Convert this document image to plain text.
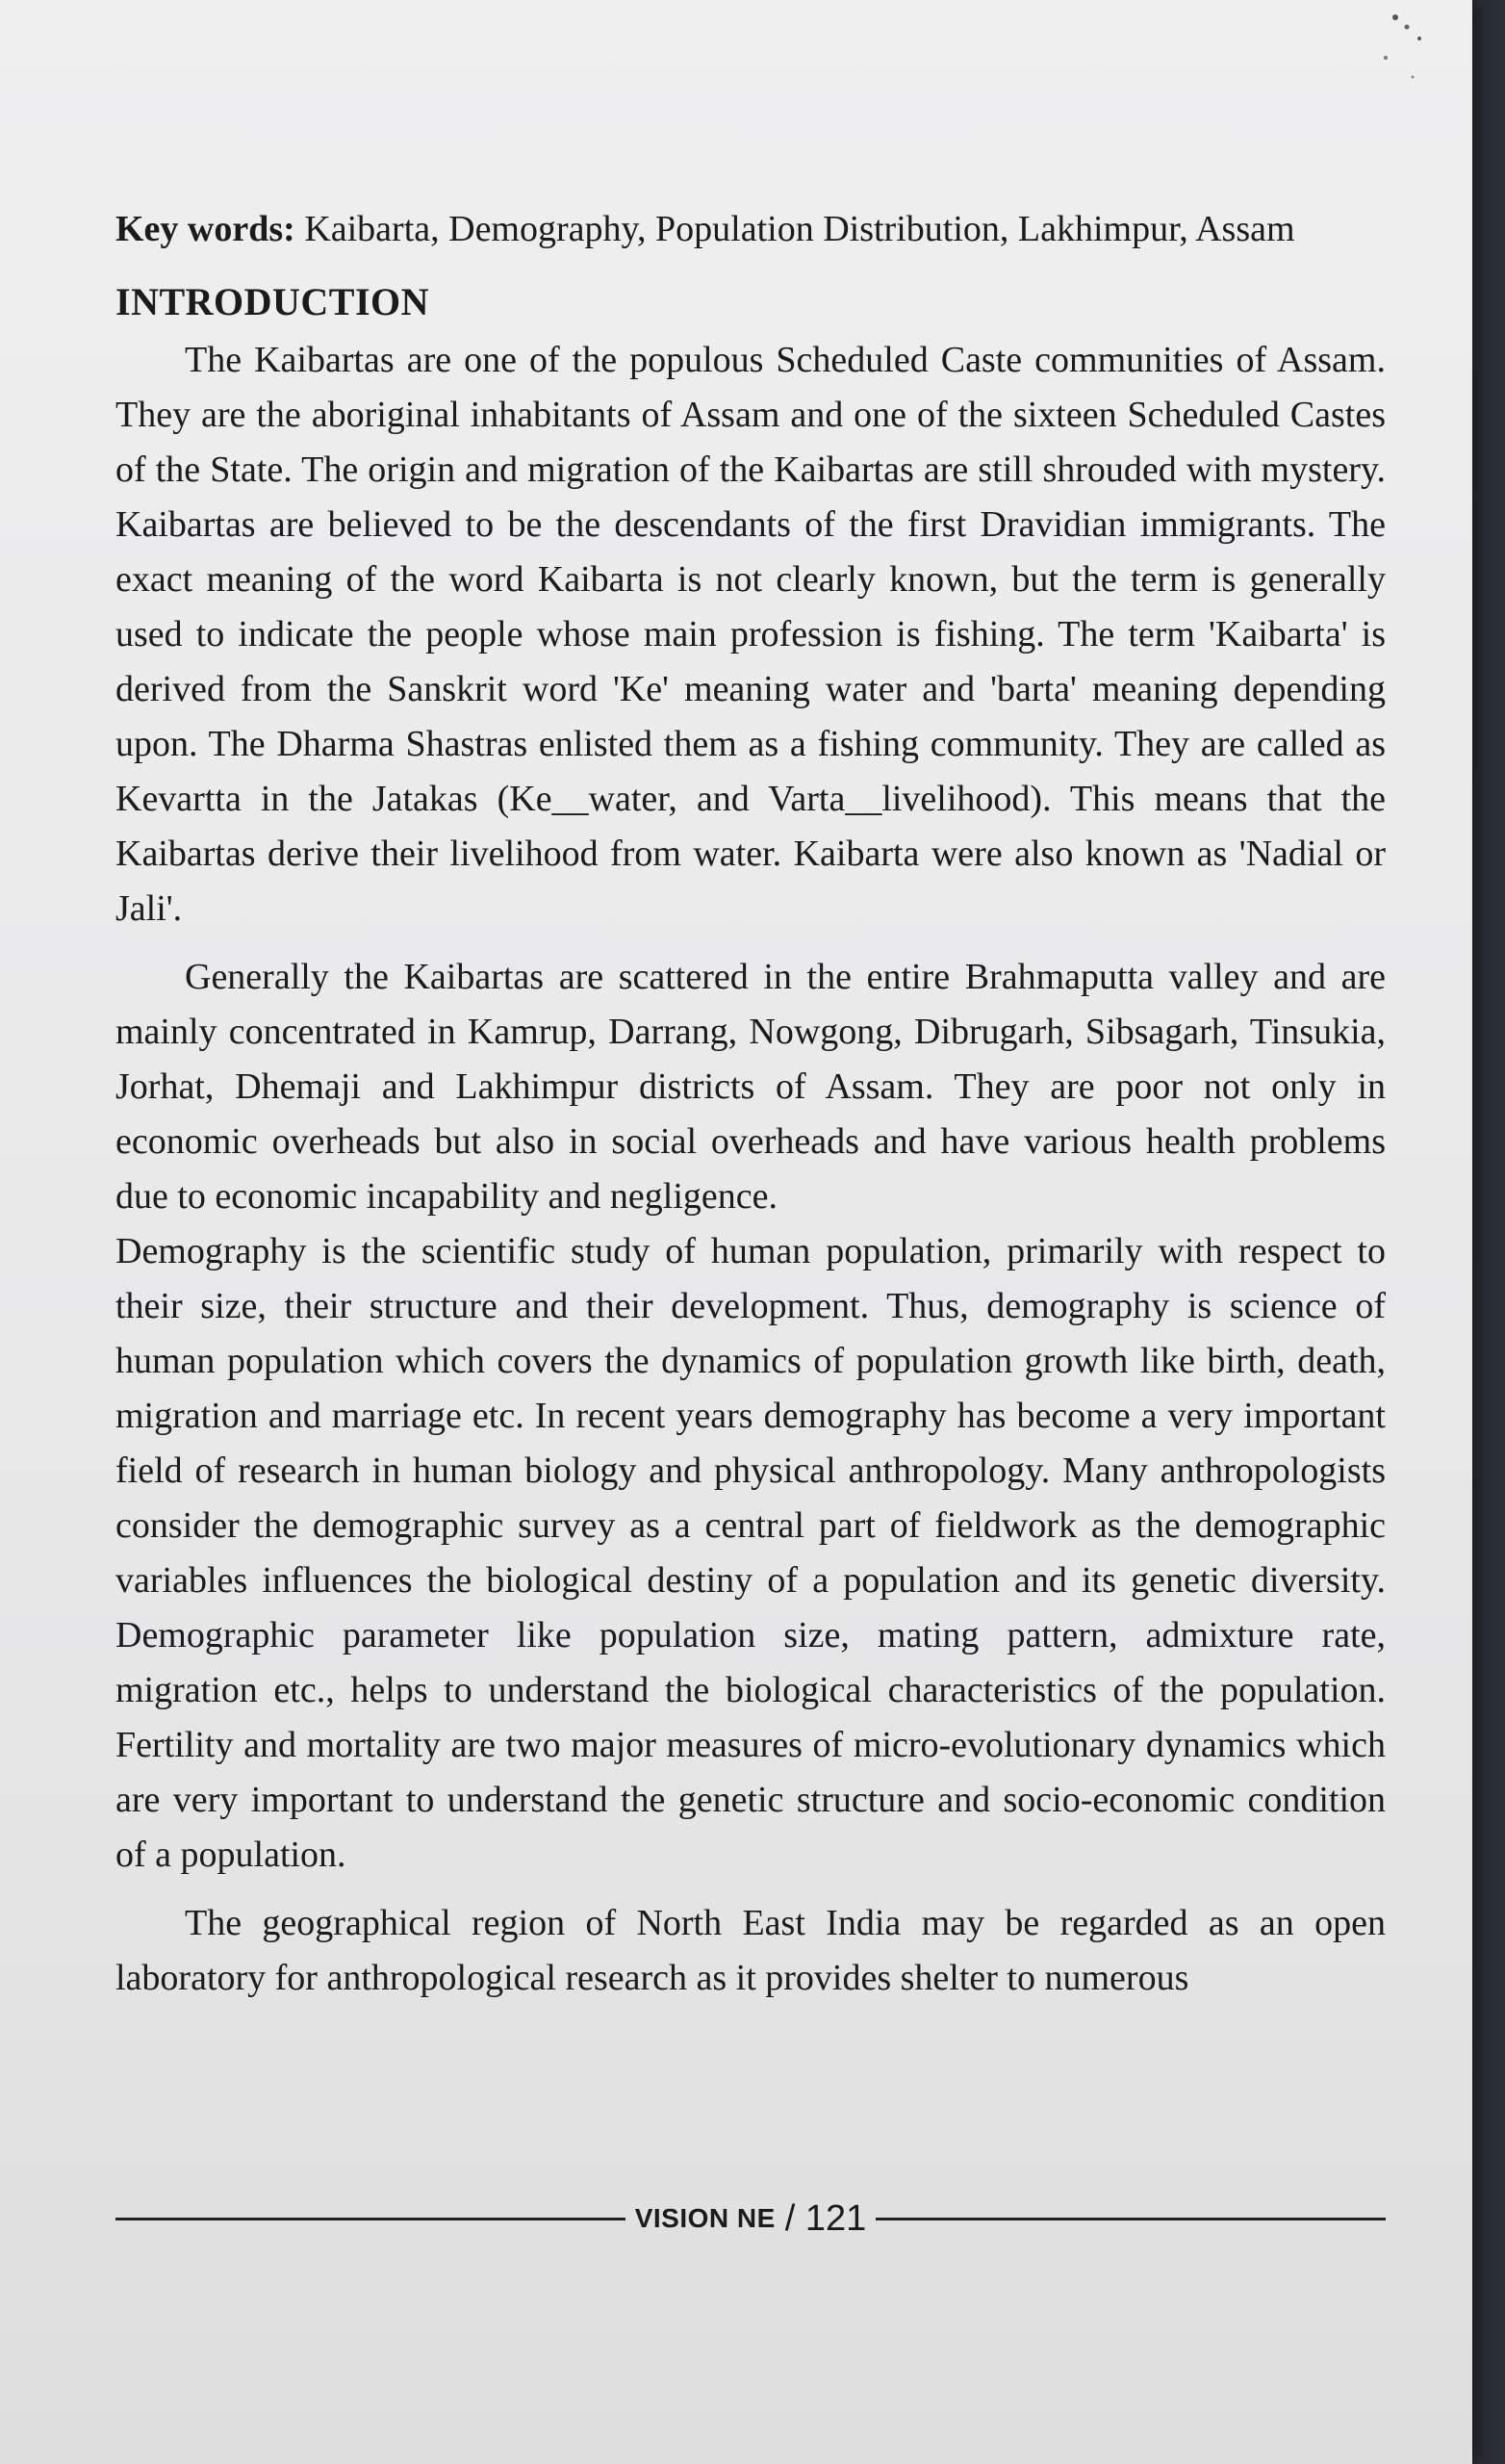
Key words: Kaibarta, Demography, Population Distribution, Lakhimpur, Assam

INTRODUCTION

The Kaibartas are one of the populous Scheduled Caste communities of Assam. They are the aboriginal inhabitants of Assam and one of the sixteen Scheduled Castes of the State. The origin and migration of the Kaibartas are still shrouded with mystery. Kaibartas are believed to be the descendants of the first Dravidian immigrants. The exact meaning of the word Kaibarta is not clearly known, but the term is generally used to indicate the people whose main profession is fishing. The term 'Kaibarta' is derived from the Sanskrit word 'Ke' meaning water and 'barta' meaning depending upon. The Dharma Shastras enlisted them as a fishing community. They are called as Kevartta in the Jatakas (Ke__water, and Varta__livelihood). This means that the Kaibartas derive their livelihood from water. Kaibarta were also known as 'Nadial or Jali'.

Generally the Kaibartas are scattered in the entire Brahmaputta valley and are mainly concentrated in Kamrup, Darrang, Nowgong, Dibrugarh, Sibsagarh, Tinsukia, Jorhat, Dhemaji and Lakhimpur districts of Assam. They are poor not only in economic overheads but also in social overheads and have various health problems due to economic incapability and negligence.

Demography is the scientific study of human population, primarily with respect to their size, their structure and their development. Thus, demography is science of human population which covers the dynamics of population growth like birth, death, migration and marriage etc. In recent years demography has become a very important field of research in human biology and physical anthropology. Many anthropologists consider the demographic survey as a central part of fieldwork as the demographic variables influences the biological destiny of a population and its genetic diversity. Demographic parameter like population size, mating pattern, admixture rate, migration etc., helps to understand the biological characteristics of the population. Fertility and mortality are two major measures of micro-evolutionary dynamics which are very important to understand the genetic structure and socio-economic condition of a population.

The geographical region of North East India may be regarded as an open laboratory for anthropological research as it provides shelter to numerous

VISION NE / 121
